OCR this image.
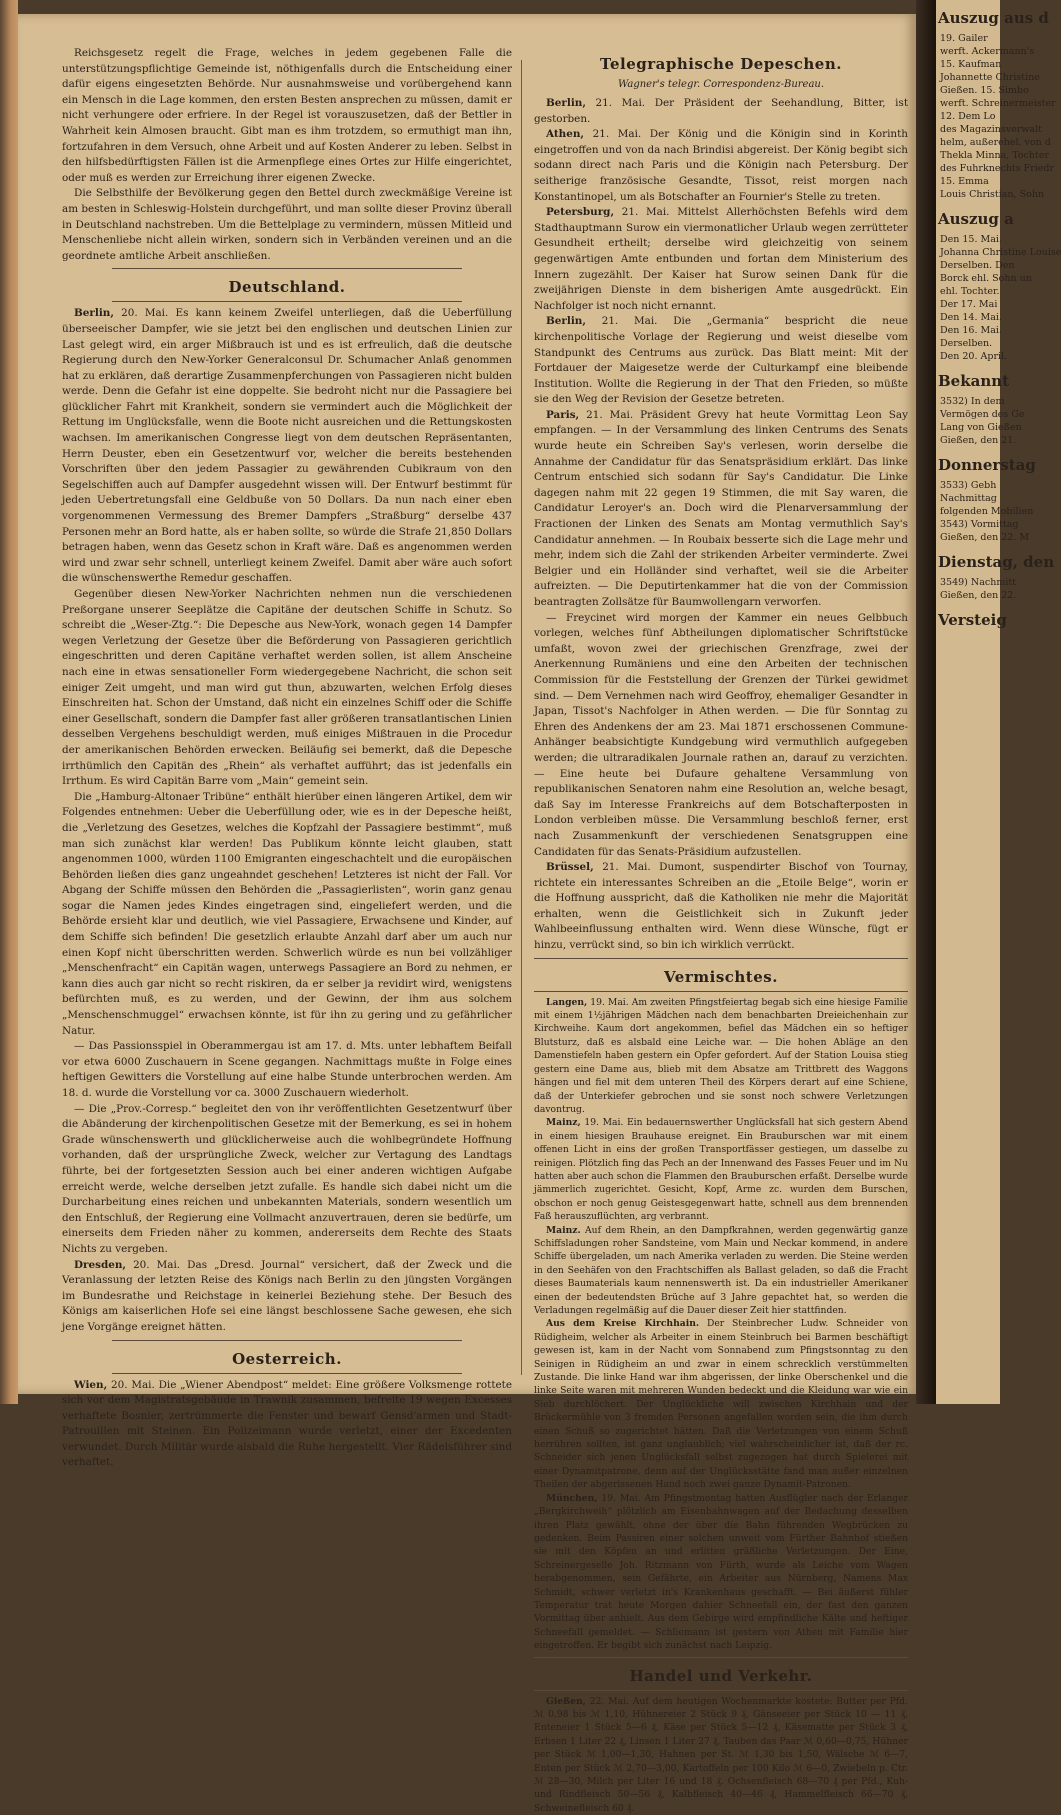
Reichsgesetz regelt die Frage, welches in jedem gegebenen Falle die unterstützungspflichtige Gemeinde ist, nöthigenfalls durch die Entscheidung einer dafür eigens eingesetzten Behörde. Nur ausnahmsweise und vorübergehend kann ein Mensch in die Lage kommen, den ersten Besten ansprechen zu müssen, damit er nicht verhungere oder erfriere. In der Regel ist vorauszusetzen, daß der Bettler in Wahrheit kein Almosen braucht. Gibt man es ihm trotzdem, so ermuthigt man ihn, fortzufahren in dem Versuch, ohne Arbeit und auf Kosten Anderer zu leben. Selbst in den hilfsbedürftigsten Fällen ist die Armenpflege eines Ortes zur Hilfe eingerichtet, oder muß es werden zur Erreichung ihrer eigenen Zwecke.

Die Selbsthilfe der Bevölkerung gegen den Bettel durch zweckmäßige Vereine ist am besten in Schleswig-Holstein durchgeführt, und man sollte dieser Provinz überall in Deutschland nachstreben. Um die Bettelplage zu vermindern, müssen Mitleid und Menschenliebe nicht allein wirken, sondern sich in Verbänden vereinen und an die geordnete amtliche Arbeit anschließen.

Deutschland.

Berlin, 20. Mai. Es kann keinem Zweifel unterliegen, daß die Ueberfüllung überseeischer Dampfer, wie sie jetzt bei den englischen und deutschen Linien zur Last gelegt wird, ein arger Mißbrauch ist und es ist erfreulich, daß die deutsche Regierung durch den New-Yorker Generalconsul Dr. Schumacher Anlaß genommen hat zu erklären, daß derartige Zusammenpferchungen von Passagieren nicht bulden werde. Denn die Gefahr ist eine doppelte. Sie bedroht nicht nur die Passagiere bei glücklicher Fahrt mit Krankheit, sondern sie vermindert auch die Möglichkeit der Rettung im Unglücksfalle, wenn die Boote nicht ausreichen und die Rettungskosten wachsen. Im amerikanischen Congresse liegt von dem deutschen Repräsentanten, Herrn Deuster, eben ein Gesetzentwurf vor, welcher die bereits bestehenden Vorschriften über den jedem Passagier zu gewährenden Cubikraum von den Segelschiffen auch auf Dampfer ausgedehnt wissen will. Der Entwurf bestimmt für jeden Uebertretungsfall eine Geldbuße von 50 Dollars. Da nun nach einer eben vorgenommenen Vermessung des Bremer Dampfers „Straßburg“ derselbe 437 Personen mehr an Bord hatte, als er haben sollte, so würde die Strafe 21,850 Dollars betragen haben, wenn das Gesetz schon in Kraft wäre. Daß es angenommen werden wird und zwar sehr schnell, unterliegt keinem Zweifel. Damit aber wäre auch sofort die wünschenswerthe Remedur geschaffen.

Gegenüber diesen New-Yorker Nachrichten nehmen nun die verschiedenen Preßorgane unserer Seeplätze die Capitäne der deutschen Schiffe in Schutz. So schreibt die „Weser-Ztg.“: Die Depesche aus New-York, wonach gegen 14 Dampfer wegen Verletzung der Gesetze über die Beförderung von Passagieren gerichtlich eingeschritten und deren Capitäne verhaftet werden sollen, ist allem Anscheine nach eine in etwas sensationeller Form wiedergegebene Nachricht, die schon seit einiger Zeit umgeht, und man wird gut thun, abzuwarten, welchen Erfolg dieses Einschreiten hat. Schon der Umstand, daß nicht ein einzelnes Schiff oder die Schiffe einer Gesellschaft, sondern die Dampfer fast aller größeren transatlantischen Linien desselben Vergehens beschuldigt werden, muß einiges Mißtrauen in die Procedur der amerikanischen Behörden erwecken. Beiläufig sei bemerkt, daß die Depesche irrthümlich den Capitän des „Rhein“ als verhaftet aufführt; das ist jedenfalls ein Irrthum. Es wird Capitän Barre vom „Main“ gemeint sein.

Die „Hamburg-Altonaer Tribüne“ enthält hierüber einen längeren Artikel, dem wir Folgendes entnehmen: Ueber die Ueberfüllung oder, wie es in der Depesche heißt, die „Verletzung des Gesetzes, welches die Kopfzahl der Passagiere bestimmt“, muß man sich zunächst klar werden! Das Publikum könnte leicht glauben, statt angenommen 1000, würden 1100 Emigranten eingeschachtelt und die europäischen Behörden ließen dies ganz ungeahndet geschehen! Letzteres ist nicht der Fall. Vor Abgang der Schiffe müssen den Behörden die „Passagierlisten“, worin ganz genau sogar die Namen jedes Kindes eingetragen sind, eingeliefert werden, und die Behörde ersieht klar und deutlich, wie viel Passagiere, Erwachsene und Kinder, auf dem Schiffe sich befinden! Die gesetzlich erlaubte Anzahl darf aber um auch nur einen Kopf nicht überschritten werden. Schwerlich würde es nun bei vollzähliger „Menschenfracht“ ein Capitän wagen, unterwegs Passagiere an Bord zu nehmen, er kann dies auch gar nicht so recht riskiren, da er selber ja revidirt wird, wenigstens befürchten muß, es zu werden, und der Gewinn, der ihm aus solchem „Menschenschmuggel“ erwachsen könnte, ist für ihn zu gering und zu gefährlicher Natur.

— Das Passionsspiel in Oberammergau ist am 17. d. Mts. unter lebhaftem Beifall vor etwa 6000 Zuschauern in Scene gegangen. Nachmittags mußte in Folge eines heftigen Gewitters die Vorstellung auf eine halbe Stunde unterbrochen werden. Am 18. d. wurde die Vorstellung vor ca. 3000 Zuschauern wiederholt.

— Die „Prov.-Corresp.“ begleitet den von ihr veröffentlichten Gesetzentwurf über die Abänderung der kirchenpolitischen Gesetze mit der Bemerkung, es sei in hohem Grade wünschenswerth und glücklicherweise auch die wohlbegründete Hoffnung vorhanden, daß der ursprüngliche Zweck, welcher zur Vertagung des Landtags führte, bei der fortgesetzten Session auch bei einer anderen wichtigen Aufgabe erreicht werde, welche derselben jetzt zufalle. Es handle sich dabei nicht um die Durcharbeitung eines reichen und unbekannten Materials, sondern wesentlich um den Entschluß, der Regierung eine Vollmacht anzuvertrauen, deren sie bedürfe, um einerseits dem Frieden näher zu kommen, andererseits dem Rechte des Staats Nichts zu vergeben.

Dresden, 20. Mai. Das „Dresd. Journal“ versichert, daß der Zweck und die Veranlassung der letzten Reise des Königs nach Berlin zu den jüngsten Vorgängen im Bundesrathe und Reichstage in keinerlei Beziehung stehe. Der Besuch des Königs am kaiserlichen Hofe sei eine längst beschlossene Sache gewesen, ehe sich jene Vorgänge ereignet hätten.

Oesterreich.

Wien, 20. Mai. Die „Wiener Abendpost“ meldet: Eine größere Volksmenge rottete sich vor dem Magistratsgebäude in Trawnik zusammen, befreite 19 wegen Excesses verhaftete Bosnier, zertrümmerte die Fenster und bewarf Gensd'armen und Stadt-Patrouillen mit Steinen. Ein Polizeimann wurde verletzt, einer der Excedenten verwundet. Durch Militär wurde alsbald die Ruhe hergestellt. Vier Rädelsführer sind verhaftet.

Telegraphische Depeschen.
Wagner's telegr. Correspondenz-Bureau.

Berlin, 21. Mai. Der Präsident der Seehandlung, Bitter, ist gestorben.

Athen, 21. Mai. Der König und die Königin sind in Korinth eingetroffen und von da nach Brindisi abgereist. Der König begibt sich sodann direct nach Paris und die Königin nach Petersburg. Der seitherige französische Gesandte, Tissot, reist morgen nach Konstantinopel, um als Botschafter an Fournier's Stelle zu treten.

Petersburg, 21. Mai. Mittelst Allerhöchsten Befehls wird dem Stadthauptmann Surow ein viermonatlicher Urlaub wegen zerrütteter Gesundheit ertheilt; derselbe wird gleichzeitig von seinem gegenwärtigen Amte entbunden und fortan dem Ministerium des Innern zugezählt. Der Kaiser hat Surow seinen Dank für die zweijährigen Dienste in dem bisherigen Amte ausgedrückt. Ein Nachfolger ist noch nicht ernannt.

Berlin, 21. Mai. Die „Germania“ bespricht die neue kirchenpolitische Vorlage der Regierung und weist dieselbe vom Standpunkt des Centrums aus zurück. Das Blatt meint: Mit der Fortdauer der Maigesetze werde der Culturkampf eine bleibende Institution. Wollte die Regierung in der That den Frieden, so müßte sie den Weg der Revision der Gesetze betreten.

Paris, 21. Mai. Präsident Grevy hat heute Vormittag Leon Say empfangen. — In der Versammlung des linken Centrums des Senats wurde heute ein Schreiben Say's verlesen, worin derselbe die Annahme der Candidatur für das Senatspräsidium erklärt. Das linke Centrum entschied sich sodann für Say's Candidatur. Die Linke dagegen nahm mit 22 gegen 19 Stimmen, die mit Say waren, die Candidatur Leroyer's an. Doch wird die Plenarversammlung der Fractionen der Linken des Senats am Montag vermuthlich Say's Candidatur annehmen. — In Roubaix besserte sich die Lage mehr und mehr, indem sich die Zahl der strikenden Arbeiter verminderte. Zwei Belgier und ein Holländer sind verhaftet, weil sie die Arbeiter aufreizten. — Die Deputirtenkammer hat die von der Commission beantragten Zollsätze für Baumwollengarn verworfen.

— Freycinet wird morgen der Kammer ein neues Gelbbuch vorlegen, welches fünf Abtheilungen diplomatischer Schriftstücke umfaßt, wovon zwei der griechischen Grenzfrage, zwei der Anerkennung Rumäniens und eine den Arbeiten der technischen Commission für die Feststellung der Grenzen der Türkei gewidmet sind. — Dem Vernehmen nach wird Geoffroy, ehemaliger Gesandter in Japan, Tissot's Nachfolger in Athen werden. — Die für Sonntag zu Ehren des Andenkens der am 23. Mai 1871 erschossenen Commune-Anhänger beabsichtigte Kundgebung wird vermuthlich aufgegeben werden; die ultraradikalen Journale rathen an, darauf zu verzichten. — Eine heute bei Dufaure gehaltene Versammlung von republikanischen Senatoren nahm eine Resolution an, welche besagt, daß Say im Interesse Frankreichs auf dem Botschafterposten in London verbleiben müsse. Die Versammlung beschloß ferner, erst nach Zusammenkunft der verschiedenen Senatsgruppen eine Candidaten für das Senats-Präsidium aufzustellen.

Brüssel, 21. Mai. Dumont, suspendirter Bischof von Tournay, richtete ein interessantes Schreiben an die „Etoile Belge“, worin er die Hoffnung ausspricht, daß die Katholiken nie mehr die Majorität erhalten, wenn die Geistlichkeit sich in Zukunft jeder Wahlbeeinflussung enthalten wird. Wenn diese Wünsche, fügt er hinzu, verrückt sind, so bin ich wirklich verrückt.

Vermischtes.

Langen, 19. Mai. Am zweiten Pfingstfeiertag begab sich eine hiesige Familie mit einem 1½jährigen Mädchen nach dem benachbarten Dreieichenhain zur Kirchweihe. Kaum dort angekommen, befiel das Mädchen ein so heftiger Blutsturz, daß es alsbald eine Leiche war. — Die hohen Abläge an den Damenstiefeln haben gestern ein Opfer gefordert. Auf der Station Louisa stieg gestern eine Dame aus, blieb mit dem Absatze am Trittbrett des Waggons hängen und fiel mit dem unteren Theil des Körpers derart auf eine Schiene, daß der Unterkiefer gebrochen und sie sonst noch schwere Verletzungen davontrug.

Mainz, 19. Mai. Ein bedauernswerther Unglücksfall hat sich gestern Abend in einem hiesigen Brauhause ereignet. Ein Brauburschen war mit einem offenen Licht in eins der großen Transportfässer gestiegen, um dasselbe zu reinigen. Plötzlich fing das Pech an der Innenwand des Fasses Feuer und im Nu hatten aber auch schon die Flammen den Brauburschen erfaßt. Derselbe wurde jämmerlich zugerichtet. Gesicht, Kopf, Arme zc. wurden dem Burschen, obschon er noch genug Geistesgegenwart hatte, schnell aus dem brennenden Faß herauszuflüchten, arg verbrannt.

Mainz. Auf dem Rhein, an den Dampfkrahnen, werden gegenwärtig ganze Schiffsladungen roher Sandsteine, vom Main und Neckar kommend, in andere Schiffe übergeladen, um nach Amerika verladen zu werden. Die Steine werden in den Seehäfen von den Frachtschiffen als Ballast geladen, so daß die Fracht dieses Baumaterials kaum nennenswerth ist. Da ein industrieller Amerikaner einen der bedeutendsten Brüche auf 3 Jahre gepachtet hat, so werden die Verladungen regelmäßig auf die Dauer dieser Zeit hier stattfinden.

Aus dem Kreise Kirchhain. Der Steinbrecher Ludw. Schneider von Rüdigheim, welcher als Arbeiter in einem Steinbruch bei Barmen beschäftigt gewesen ist, kam in der Nacht vom Sonnabend zum Pfingstsonntag zu den Seinigen in Rüdigheim an und zwar in einem schrecklich verstümmelten Zustande. Die linke Hand war ihm abgerissen, der linke Oberschenkel und die linke Seite waren mit mehreren Wunden bedeckt und die Kleidung war wie ein Sieb durchlöchert. Der Unglückliche will zwischen Kirchhain und der Brückermühle von 3 fremden Personen angefallen worden sein, die ihm durch einen Schuß so zugerichtet hätten. Daß die Verletzungen von einem Schuß herrühren sollten, ist ganz unglaublich; viel wahrscheinlicher ist, daß der rc. Schneider sich jenen Unglücksfall selbst zugezogen hat durch Spielerei mit einer Dynamitpatrone, denn auf der Unglücksstätte fand man außer einzelnen Theilen der abgerissenen Hand noch zwei ganze Dynamit-Patronen.

München, 19. Mai. Am Pfingstmontag hatten Ausflügler nach der Erlanger „Bergkirchweih“ plötzlich am Eisenbahnwagen auf der Bedachung desselben ihren Platz gewählt, ohne der über die Bahn führenden Wegbrücken zu gedenken. Beim Passiren einer solchen unweit vom Fürther Bahnhof stießen sie mit den Köpfen an und erlitten gräßliche Verletzungen. Der Eine, Schreinergeselle Joh. Ritzmann von Fürth, wurde als Leiche vom Wagen herabgenommen, sein Gefährte, ein Arbeiter aus Nürnberg, Namens Max Schmidt, schwer verletzt in's Krankenhaus geschafft. — Bei äußerst fühler Temperatur trat heute Morgen dahier Schneefall ein, der fast den ganzen Vormittag über anhielt. Aus dem Gebirge wird empfindliche Kälte und heftiger Schneefall gemeldet. — Schliemann ist gestern von Athen mit Familie hier eingetroffen. Er begibt sich zunächst nach Leipzig.

Handel und Verkehr.

Gießen, 22. Mai. Auf dem heutigen Wochenmarkte kostete: Butter per Pfd. ℳ 0,98 bis ℳ 1,10, Hühnereier 2 Stück 9 ₰, Gänseeier per Stück 10 — 11 ₰, Enteneier 1 Stück 5—6 ₰, Käse per Stück 5—12 ₰, Käsematte per Stück 3 ₰, Erbsen 1 Liter 22 ₰, Linsen 1 Liter 27 ₰, Tauben das Paar ℳ 0,60—0,75, Hühner per Stück ℳ 1,00—1,30, Hahnen per St. ℳ 1,30 bis 1,50, Wälsche ℳ 6—7, Enten per Stück ℳ 2,70—3,00, Kartoffeln per 100 Kilo ℳ 6—0, Zwiebeln p. Ctr. ℳ 28—30, Milch per Liter 16 und 18 ₰. Ochsenfleisch 68—70 ₰ per Pfd., Kuh- und Rindfleisch 50—56 ₰, Kalbfleisch 40—46 ₰, Hammelfleisch 66—70 ₰, Schweinefleisch 60 ₰.

Auszug aus d
19. Gailer
werft. Ackermann's
15. Kaufman
Johannette Christine
Gießen. 15. Simbo
werft. Schreinermeister
12. Dem Lo
des Magazinsverwalt
helm, außerehel. von d
Thekla Minna, Tochter
des Fuhrknechts Friedr
15. Emma
Louis Christian, Sohn
Auszug a
Den 15. Mai.
Johanna Christine Louise
Derselben. Den
Borck ehl. Sohn un
ehl. Tochter.
Der 17. Mai
Den 14. Mai.
Den 16. Mai.
Derselben.
Den 20. April.
Bekannt
3532) In dem
Vermögen des Ge
Lang von Gießen
Gießen, den 21.
Donnerstag
3533) Gebh
Nachmittag
folgenden Mobilien
3543) Vormittag
Gießen, den 22. M
Dienstag, den
3549) Nachmitt
Gießen, den 22.
Versteig
